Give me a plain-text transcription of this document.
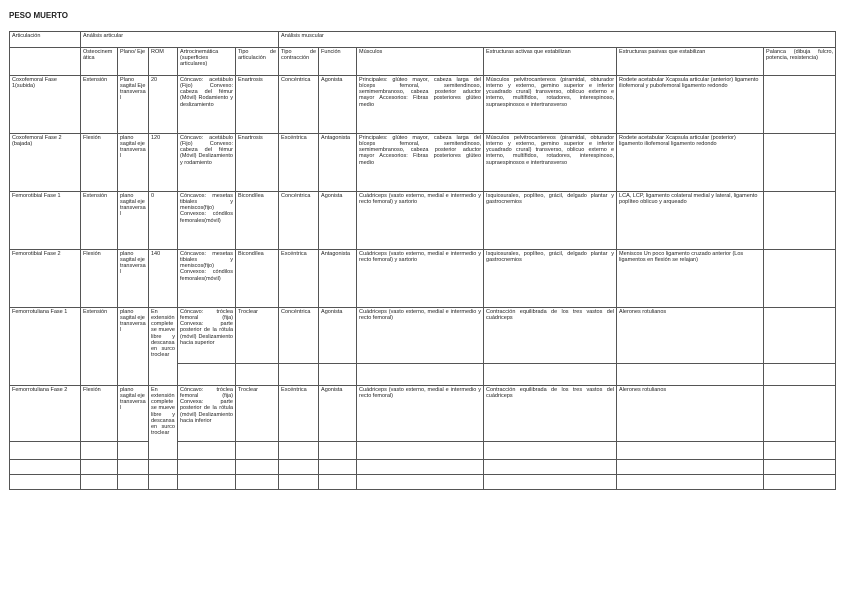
PESO MUERTO
Articulación	Análisis articular					Análisis muscular					
	Osteocinemática	Plano/ Eje	ROM	Artrocinemática (superficies articulares)	Tipo de articulación	Tipo de contracción	Función	Músculos	Estructuras activas que estabilizan	Estructuras pasivas que estabilizan	Palanca (dibuja fulcro, potencia, resistencia)
Coxofemoral Fase 1(subida)	Extensión	Plano sagital Eje transversal	20	Cóncavo: acetábulo (Fijo) Convexo: cabeza del fémur (Móvil) Rodamiento y deslizamiento	Enartrosis	Concéntrica	Agonista	Principales: glúteo mayor, cabeza larga del bíceps femoral, semitendinoso, semimembranoso, cabeza posterior aductor mayor Accesorios: Fibras posteriores glúteo medio	Músculos pelvitrocantereos (piramidal, obturador interno y externo, gemino superior e inferior ycuadrado crural) transverso, oblicuo externo e interno, multífidos, rotadores, interespinoso, supraespinosos e intertransverso	Rodete acetabular Xcapsula articular (anterior) ligamento iliofemoral y pubofemoral ligamento redondo	
Coxofemoral Fase 2 (bajada)	Flexión	plano sagital eje transversal	120	Cóncavo: acetábulo (Fijo) Convexo: cabeza del fémur (Móvil) Deslizamiento y rodamiento	Enartrosis	Excéntrica	Antagonista	Principales: glúteo mayor, cabeza larga del bíceps femoral, semitendinoso, semimembranoso, cabeza posterior aductor mayor Accesorios: Fibras posteriores glúteo medio	Músculos pelvitrocantereos (piramidal, obturador interno y externo, gemino superior e inferior ycuadrado crural) transverso, oblicuo externo e interno, multífidos, rotadores, interespinoso, supraespinosos e intertransverso	Rodete acetabular Xcapsula articular (posterior) ligamento iliofemoral ligamento redondo	
Femorotibial Fase 1	Extensión	plano sagital eje transversal	0	Cóncavos: mesetas tibiales y meniscos(fijo) Convexos: cóndilos femorales(móvil)	Bicondílea	Concéntrica	Agonista	Cuádriceps (vasto externo, medial e intermedio y recto femoral) y sartorio	Isquiosurales, poplíteo, grácil, delgado plantar y gastrocnemios	LCA, LCP, ligamento colateral medial y lateral, ligamento poplíteo oblicuo y arqueado	
Femorotibial Fase 2	Flexión	plano sagital eje transversal	140	Cóncavos: mesetas tibiales y meniscos(fijo) Convexos: cóndilos femorales(móvil)	Bicondílea	Excéntrica	Antagonista	Cuádriceps (vasto externo, medial e intermedio y recto femoral) y sartorio	Isquiosurales, poplíteo, grácil, delgado plantar y gastrocnemios	Meniscos Un poco ligamento cruzado anterior (Los ligamentos en flexión se relajan)	
Femorrotuliana Fase 1	Extensión	plano sagital eje transversal	En extensión complete se mueve libre y descansa en surco troclear	Cóncavo: tróclea femoral (fija) Convexa: parte posterior de la rótula (móvil) Deslizamiento hacia superior	Troclear	Concéntrica	Agonista	Cuádriceps (vasto externo, medial e intermedio y recto femoral)	Contracción equilibrada de los tres vastos del cuádriceps	Alerones rotulianos	

Femorrotuliana Fase 2	Flexión	plano sagital eje transversal	En extensión complete se mueve libre y descansa en surco troclear	Cóncavo: tróclea femoral (fija) Convexa: parte posterior de la rótula (móvil) Deslizamiento hacia inferior	Troclear	Excéntrica	Agonista	Cuádriceps (vasto externo, medial e intermedio y recto femoral)	Contracción equilibrada de los tres vastos del cuádriceps	Alerones rotulianos	
